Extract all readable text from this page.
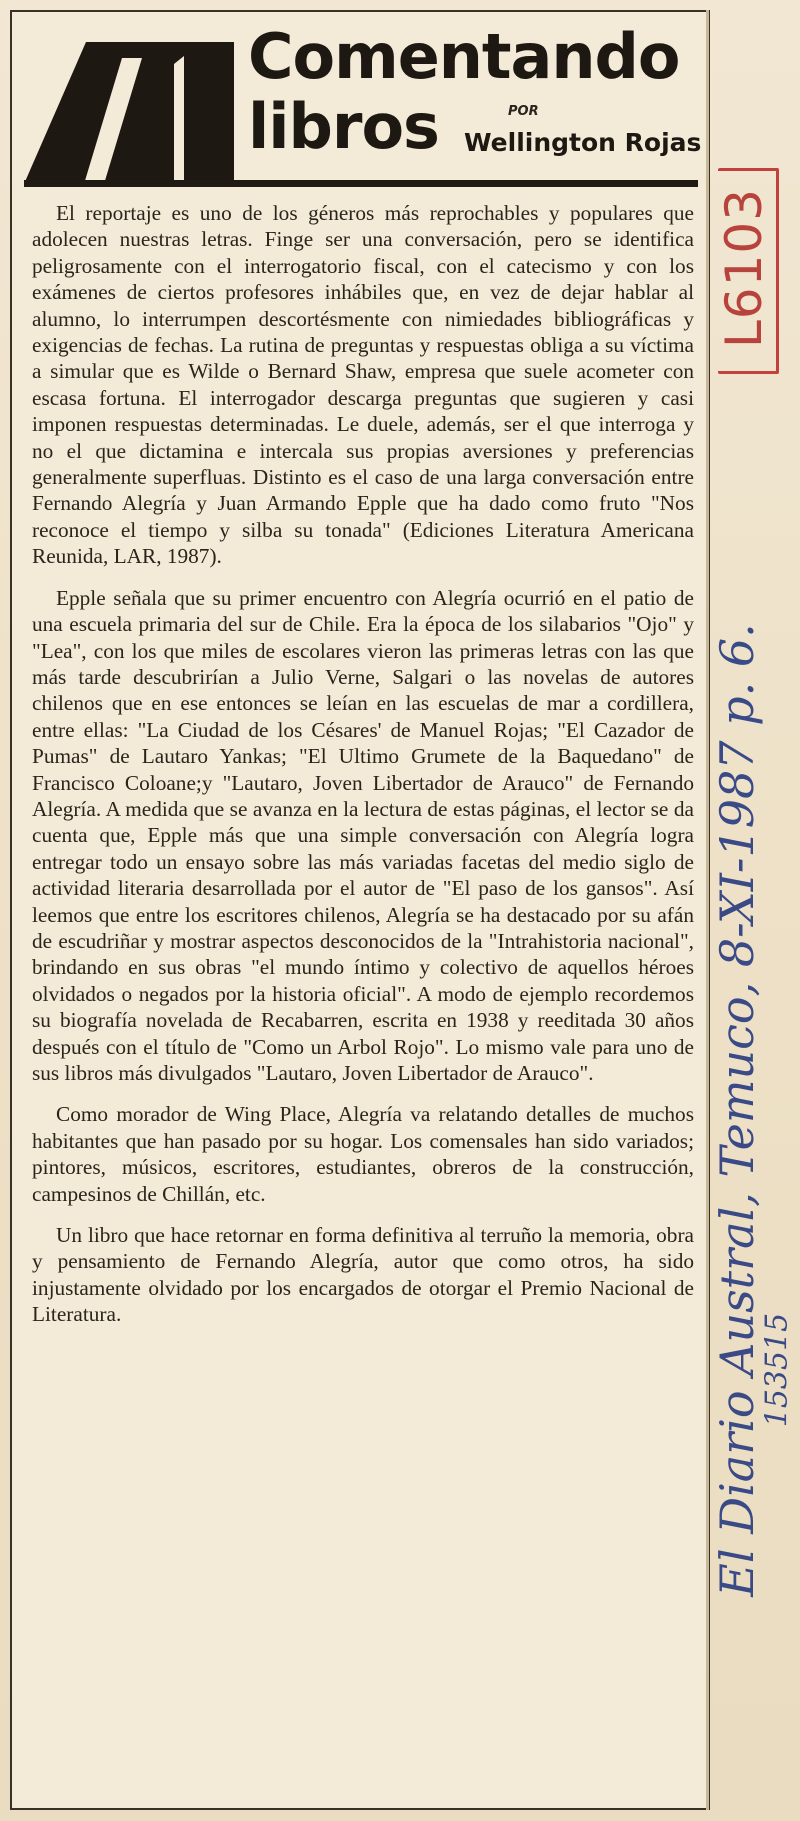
Comentando
libros	POR
Wellington Rojas

El reportaje es uno de los géneros más reprochables y populares que adolecen nuestras letras. Finge ser una conversación, pero se identifica peligrosamente con el interrogatorio fiscal, con el catecismo y con los exámenes de ciertos profesores inhábiles que, en vez de dejar hablar al alumno, lo interrumpen descortésmente con nimiedades bibliográficas y exigencias de fechas. La rutina de preguntas y respuestas obliga a su víctima a simular que es Wilde o Bernard Shaw, empresa que suele acometer con escasa fortuna. El interrogador descarga preguntas que sugieren y casi imponen respuestas determinadas. Le duele, además, ser el que interroga y no el que dictamina e intercala sus propias aversiones y preferencias generalmente superfluas. Distinto es el caso de una larga conversación entre Fernando Alegría y Juan Armando Epple que ha dado como fruto "Nos reconoce el tiempo y silba su tonada" (Ediciones Literatura Americana Reunida, LAR, 1987).

Epple señala que su primer encuentro con Alegría ocurrió en el patio de una escuela primaria del sur de Chile. Era la época de los silabarios "Ojo" y "Lea", con los que miles de escolares vieron las primeras letras con las que más tarde descubrirían a Julio Verne, Salgari o las novelas de autores chilenos que en ese entonces se leían en las escuelas de mar a cordillera, entre ellas: "La Ciudad de los Césares' de Manuel Rojas; "El Cazador de Pumas" de Lautaro Yankas; "El Ultimo Grumete de la Baquedano" de Francisco Coloane;y "Lautaro, Joven Libertador de Arauco" de Fernando Alegría. A medida que se avanza en la lectura de estas páginas, el lector se da cuenta que, Epple más que una simple conversación con Alegría logra entregar todo un ensayo sobre las más variadas facetas del medio siglo de actividad literaria desarrollada por el autor de "El paso de los gansos". Así leemos que entre los escritores chilenos, Alegría se ha destacado por su afán de escudriñar y mostrar aspectos desconocidos de la "Intrahistoria nacional", brindando en sus obras "el mundo íntimo y colectivo de aquellos héroes olvidados o negados por la historia oficial". A modo de ejemplo recordemos su biografía novelada de Recabarren, escrita en 1938 y reeditada 30 años después con el título de "Como un Arbol Rojo". Lo mismo vale para uno de sus libros más divulgados "Lautaro, Joven Libertador de Arauco".

Como morador de Wing Place, Alegría va relatando detalles de muchos habitantes que han pasado por su hogar. Los comensales han sido variados; pintores, músicos, escritores, estudiantes, obreros de la construcción, campesinos de Chillán, etc.

Un libro que hace retornar en forma definitiva al terruño la memoria, obra y pensamiento de Fernando Alegría, autor que como otros, ha sido injustamente olvidado por los encargados de otorgar el Premio Nacional de Literatura.

L6103
El Diario Austral, Temuco, 8-XI-1987 p. 6.
153515
